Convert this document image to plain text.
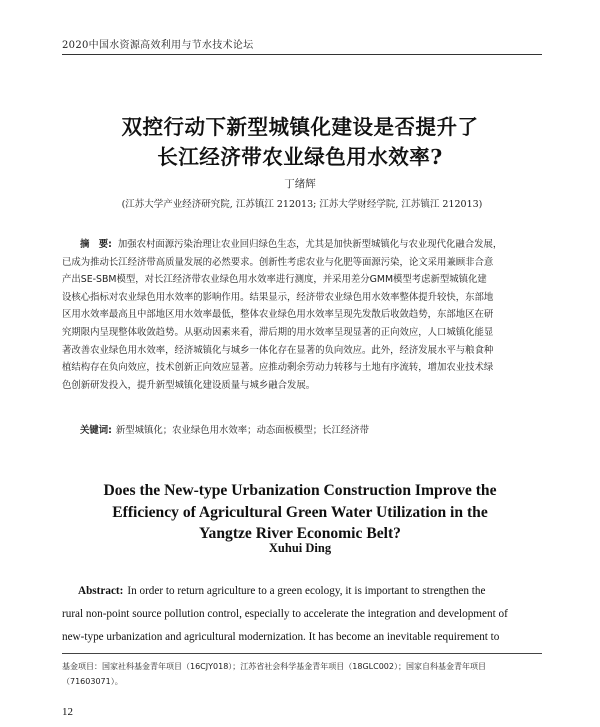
2020中国水资源高效利用与节水技术论坛
双控行动下新型城镇化建设是否提升了
长江经济带农业绿色用水效率?
丁绪辉
(江苏大学产业经济研究院, 江苏镇江 212013; 江苏大学财经学院, 江苏镇江 212013)
摘　要: 加强农村面源污染治理让农业回归绿色生态，尤其是加快新型城镇化与农业现代化融合发展，
已成为推动长江经济带高质量发展的必然要求。创新性考虑农业与化肥等面源污染，论文采用兼顾非合意
产出SE-SBM模型，对长江经济带农业绿色用水效率进行测度，并采用差分GMM模型考虑新型城镇化建
设核心指标对农业绿色用水效率的影响作用。结果显示，经济带农业绿色用水效率整体提升较快，东部地
区用水效率最高且中部地区用水效率最低，整体农业绿色用水效率呈现先发散后收敛趋势，东部地区在研
究期限内呈现整体收敛趋势。从驱动因素来看，滞后期的用水效率呈现显著的正向效应，人口城镇化能显
著改善农业绿色用水效率，经济城镇化与城乡一体化存在显著的负向效应。此外，经济发展水平与粮食种
植结构存在负向效应，技术创新正向效应显著。应推动剩余劳动力转移与土地有序流转，增加农业技术绿
色创新研发投入，提升新型城镇化建设质量与城乡融合发展。
关键词: 新型城镇化；农业绿色用水效率；动态面板模型；长江经济带
Does the New-type Urbanization Construction Improve the
Efficiency of Agricultural Green Water Utilization in the
Yangtze River Economic Belt?
Xuhui Ding
Abstract: In order to return agriculture to a green ecology, it is important to strengthen the
rural non-point source pollution control, especially to accelerate the integration and development of
new-type urbanization and agricultural modernization. It has become an inevitable requirement to
基金项目：国家社科基金青年项目（16CJY018）；江苏省社会科学基金青年项目（18GLC002）；国家自科基金青年项目
（71603071）。
12
